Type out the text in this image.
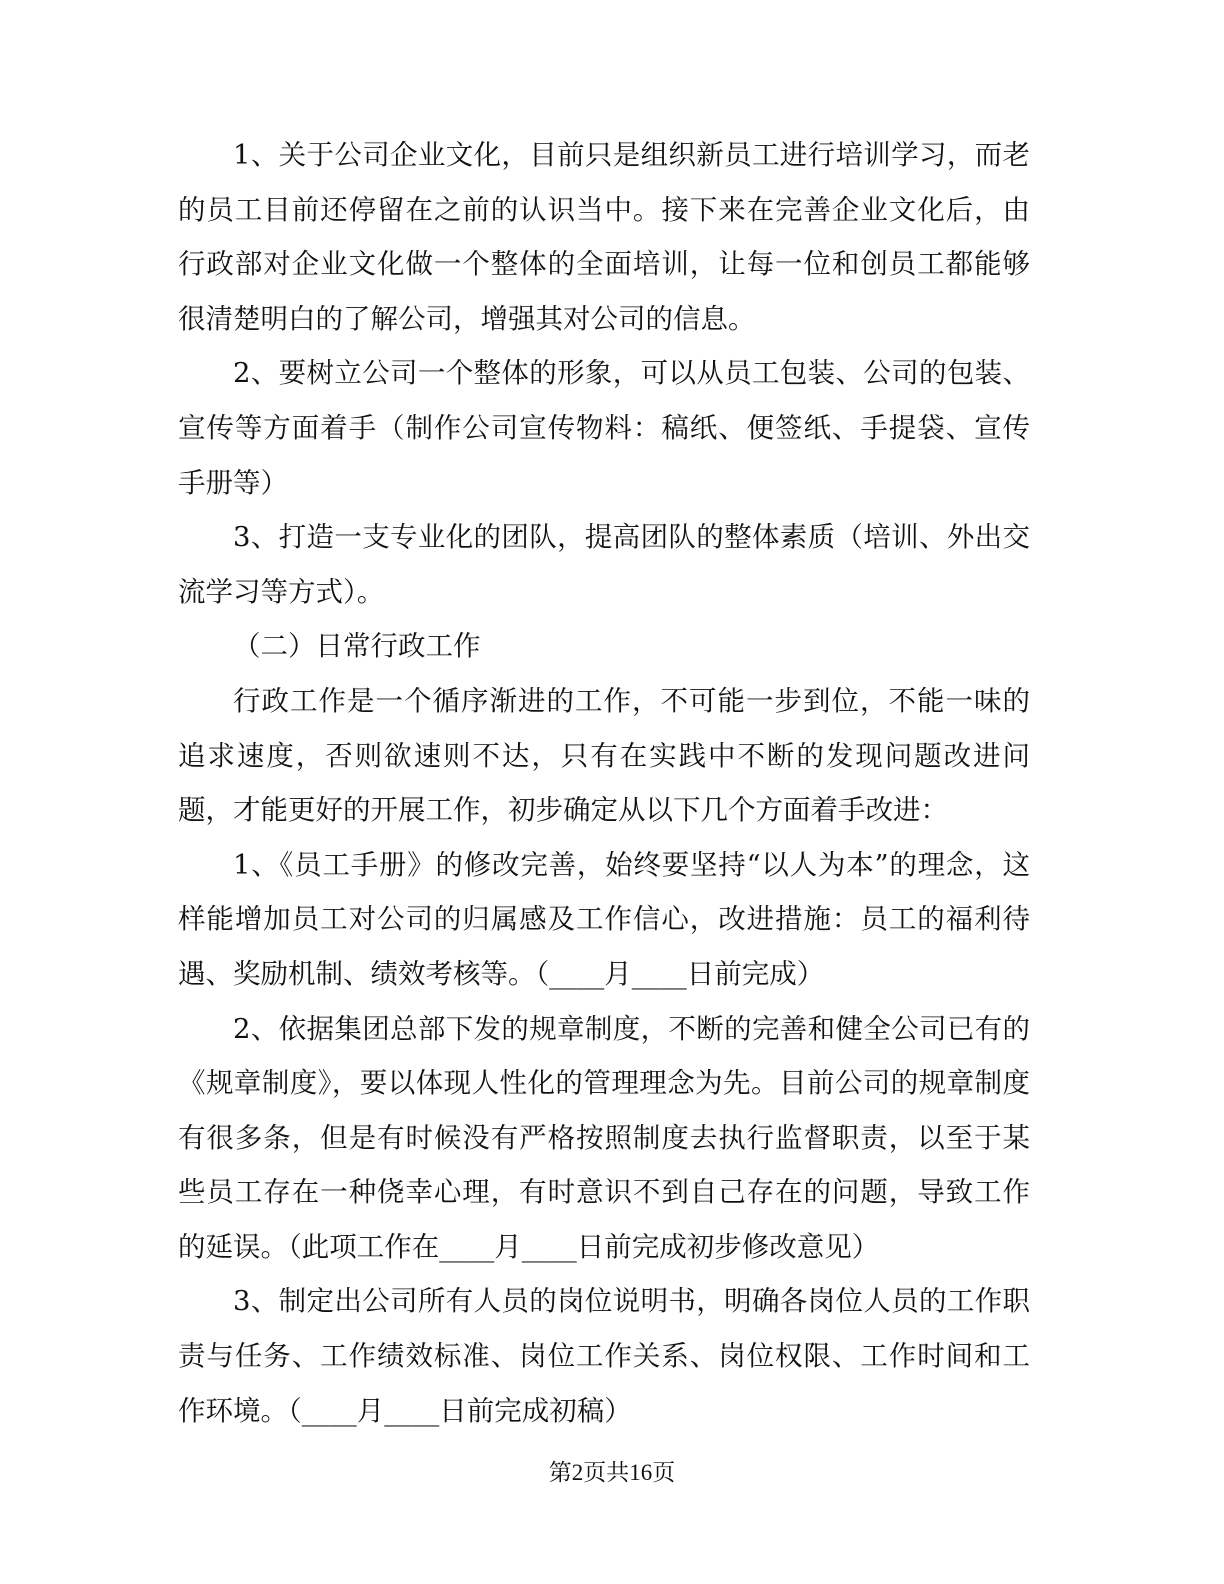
1、关于公司企业文化，目前只是组织新员工进行培训学习，而老的员工目前还停留在之前的认识当中。接下来在完善企业文化后，由行政部对企业文化做一个整体的全面培训，让每一位和创员工都能够很清楚明白的了解公司，增强其对公司的信息。

2、要树立公司一个整体的形象，可以从员工包装、公司的包装、宣传等方面着手（制作公司宣传物料：稿纸、便签纸、手提袋、宣传手册等）

3、打造一支专业化的团队，提高团队的整体素质（培训、外出交流学习等方式）。

（二）日常行政工作

行政工作是一个循序渐进的工作，不可能一步到位，不能一味的追求速度，否则欲速则不达，只有在实践中不断的发现问题改进问题，才能更好的开展工作，初步确定从以下几个方面着手改进：

1、《员工手册》的修改完善，始终要坚持“以人为本”的理念，这样能增加员工对公司的归属感及工作信心，改进措施：员工的福利待遇、奖励机制、绩效考核等。（____月____日前完成）

2、依据集团总部下发的规章制度，不断的完善和健全公司已有的《规章制度》，要以体现人性化的管理理念为先。目前公司的规章制度有很多条，但是有时候没有严格按照制度去执行监督职责，以至于某些员工存在一种侥幸心理，有时意识不到自己存在的问题，导致工作的延误。（此项工作在____月____日前完成初步修改意见）

3、制定出公司所有人员的岗位说明书，明确各岗位人员的工作职责与任务、工作绩效标准、岗位工作关系、岗位权限、工作时间和工作环境。（____月____日前完成初稿）

第2页共16页
